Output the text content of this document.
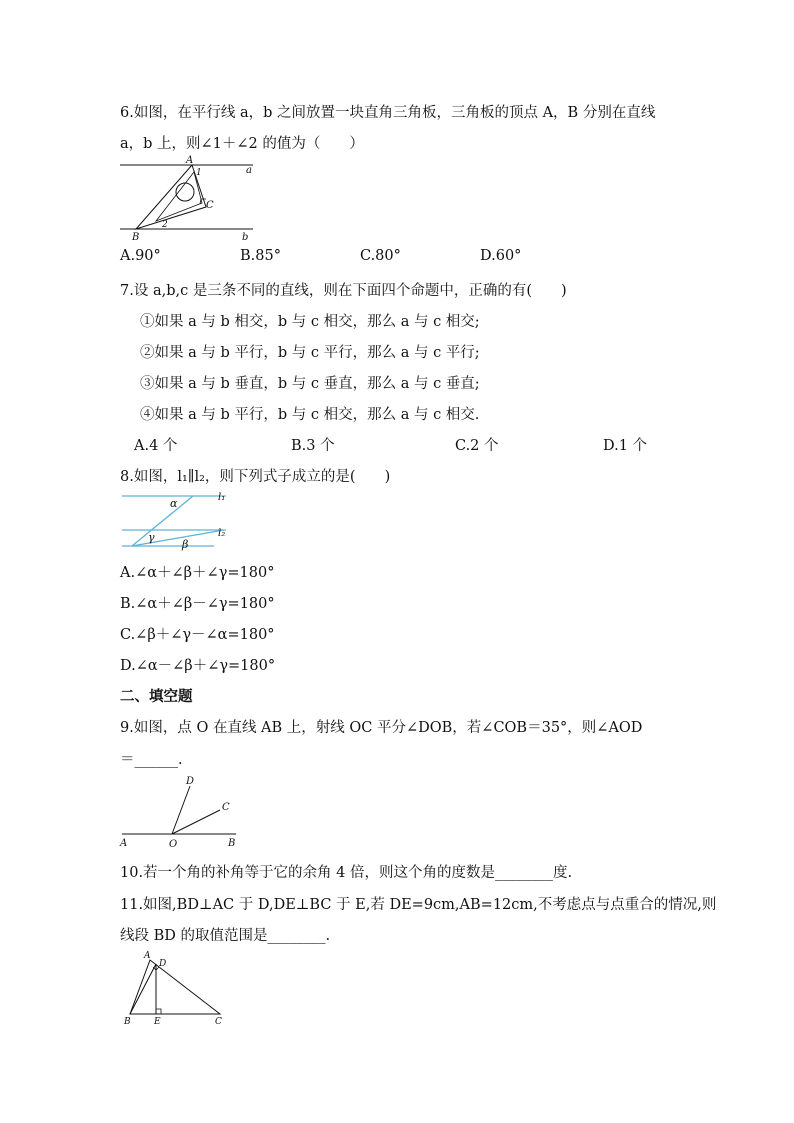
6.如图，在平行线 a，b 之间放置一块直角三角板，三角板的顶点 A，B 分别在直线
a，b 上，则∠1＋∠2 的值为（　　）
A
1	a
C
2
B	b
A.90°	B.85°	C.80°	D.60°
7.设 a,b,c 是三条不同的直线，则在下面四个命题中，正确的有(　　)
①如果 a 与 b 相交，b 与 c 相交，那么 a 与 c 相交;
②如果 a 与 b 平行，b 与 c 平行，那么 a 与 c 平行;
③如果 a 与 b 垂直，b 与 c 垂直，那么 a 与 c 垂直;
④如果 a 与 b 平行，b 与 c 相交，那么 a 与 c 相交.
A.4 个	B.3 个	C.2 个	D.1 个
8.如图，l₁∥l₂，则下列式子成立的是(　　)
α	l₁
l₂
γ
β
A.∠α＋∠β＋∠γ=180°
B.∠α＋∠β－∠γ=180°
C.∠β＋∠γ－∠α=180°
D.∠α－∠β＋∠γ=180°
二、填空题
9.如图，点 O 在直线 AB 上，射线 OC 平分∠DOB，若∠COB＝35°，则∠AOD
＝______.
D
C
A	O	B
10.若一个角的补角等于它的余角 4 倍，则这个角的度数是________度.
11.如图,BD⊥AC 于 D,DE⊥BC 于 E,若 DE=9cm,AB=12cm,不考虑点与点重合的情况,则
线段 BD 的取值范围是________.
A
D
B	E	C
